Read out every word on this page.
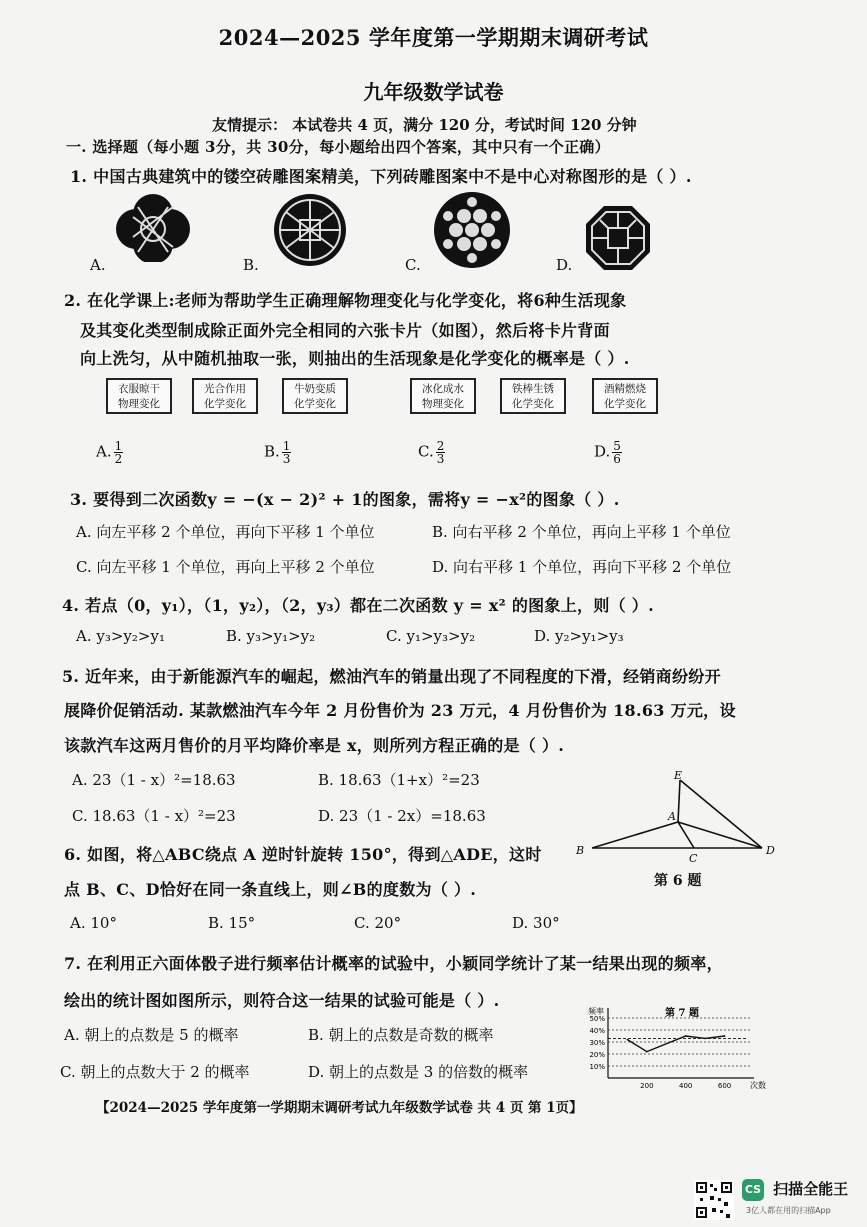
2024—2025 学年度第一学期期末调研考试
九年级数学试卷
友情提示： 本试卷共 4 页，满分 120 分，考试时间 120 分钟
一. 选择题（每小题 3分，共 30分，每小题给出四个答案，其中只有一个正确）
1. 中国古典建筑中的镂空砖雕图案精美，下列砖雕图案中不是中心对称图形的是（ ）.
A.	B.	C.	D.
2. 在化学课上:老师为帮助学生正确理解物理变化与化学变化，将6种生活现象
及其变化类型制成除正面外完全相同的六张卡片（如图），然后将卡片背面
向上洗匀，从中随机抽取一张，则抽出的生活现象是化学变化的概率是（ ）.
衣服晾干
物理变化
光合作用
化学变化
牛奶变质
化学变化
冰化成水
物理变化
铁棒生锈
化学变化
酒精燃烧
化学变化
A. $\frac{1}{2}$	B. $\frac{1}{3}$	C. $\frac{2}{3}$	D. $\frac{5}{6}$
3. 要得到二次函数y = −(x − 2)² + 1的图象，需将y = −x²的图象（ ）.
A. 向左平移 2 个单位，再向下平移 1 个单位	B. 向右平移 2 个单位，再向上平移 1 个单位
C. 向左平移 1 个单位，再向上平移 2 个单位	D. 向右平移 1 个单位，再向下平移 2 个单位
4. 若点（0，y₁），（1，y₂），（2，y₃）都在二次函数 y = x² 的图象上，则（ ）.
A. y₃>y₂>y₁	B. y₃>y₁>y₂	C. y₁>y₃>y₂	D. y₂>y₁>y₃
5. 近年来，由于新能源汽车的崛起，燃油汽车的销量出现了不同程度的下滑，经销商纷纷开
展降价促销活动. 某款燃油汽车今年 2 月份售价为 23 万元，4 月份售价为 18.63 万元，设
该款汽车这两月售价的月平均降价率是 x，则所列方程正确的是（ ）.
A. 23（1 - x）²=18.63	B. 18.63（1+x）²=23
C. 18.63（1 - x）²=23	D. 23（1 - 2x）=18.63
E
A
B
C
D
第 6 题
6. 如图，将△ABC绕点 A 逆时针旋转 150°，得到△ADE，这时
点 B、C、D恰好在同一条直线上，则∠B的度数为（ ）.
A. 10°	B. 15°	C. 20°	D. 30°
7. 在利用正六面体骰子进行频率估计概率的试验中，小颖同学统计了某一结果出现的频率，
绘出的统计图如图所示，则符合这一结果的试验可能是（ ）.
A. 朝上的点数是 5 的概率	B. 朝上的点数是奇数的概率
C. 朝上的点数大于 2 的概率	D. 朝上的点数是 3 的倍数的概率	10%
20%
30%
40%
50%
200	400	600 次数
频率	第 7 题
【2024—2025 学年度第一学期期末调研考试九年级数学试卷 共 4 页 第 1页】
CS 扫描全能王
3亿人都在用的扫描App
